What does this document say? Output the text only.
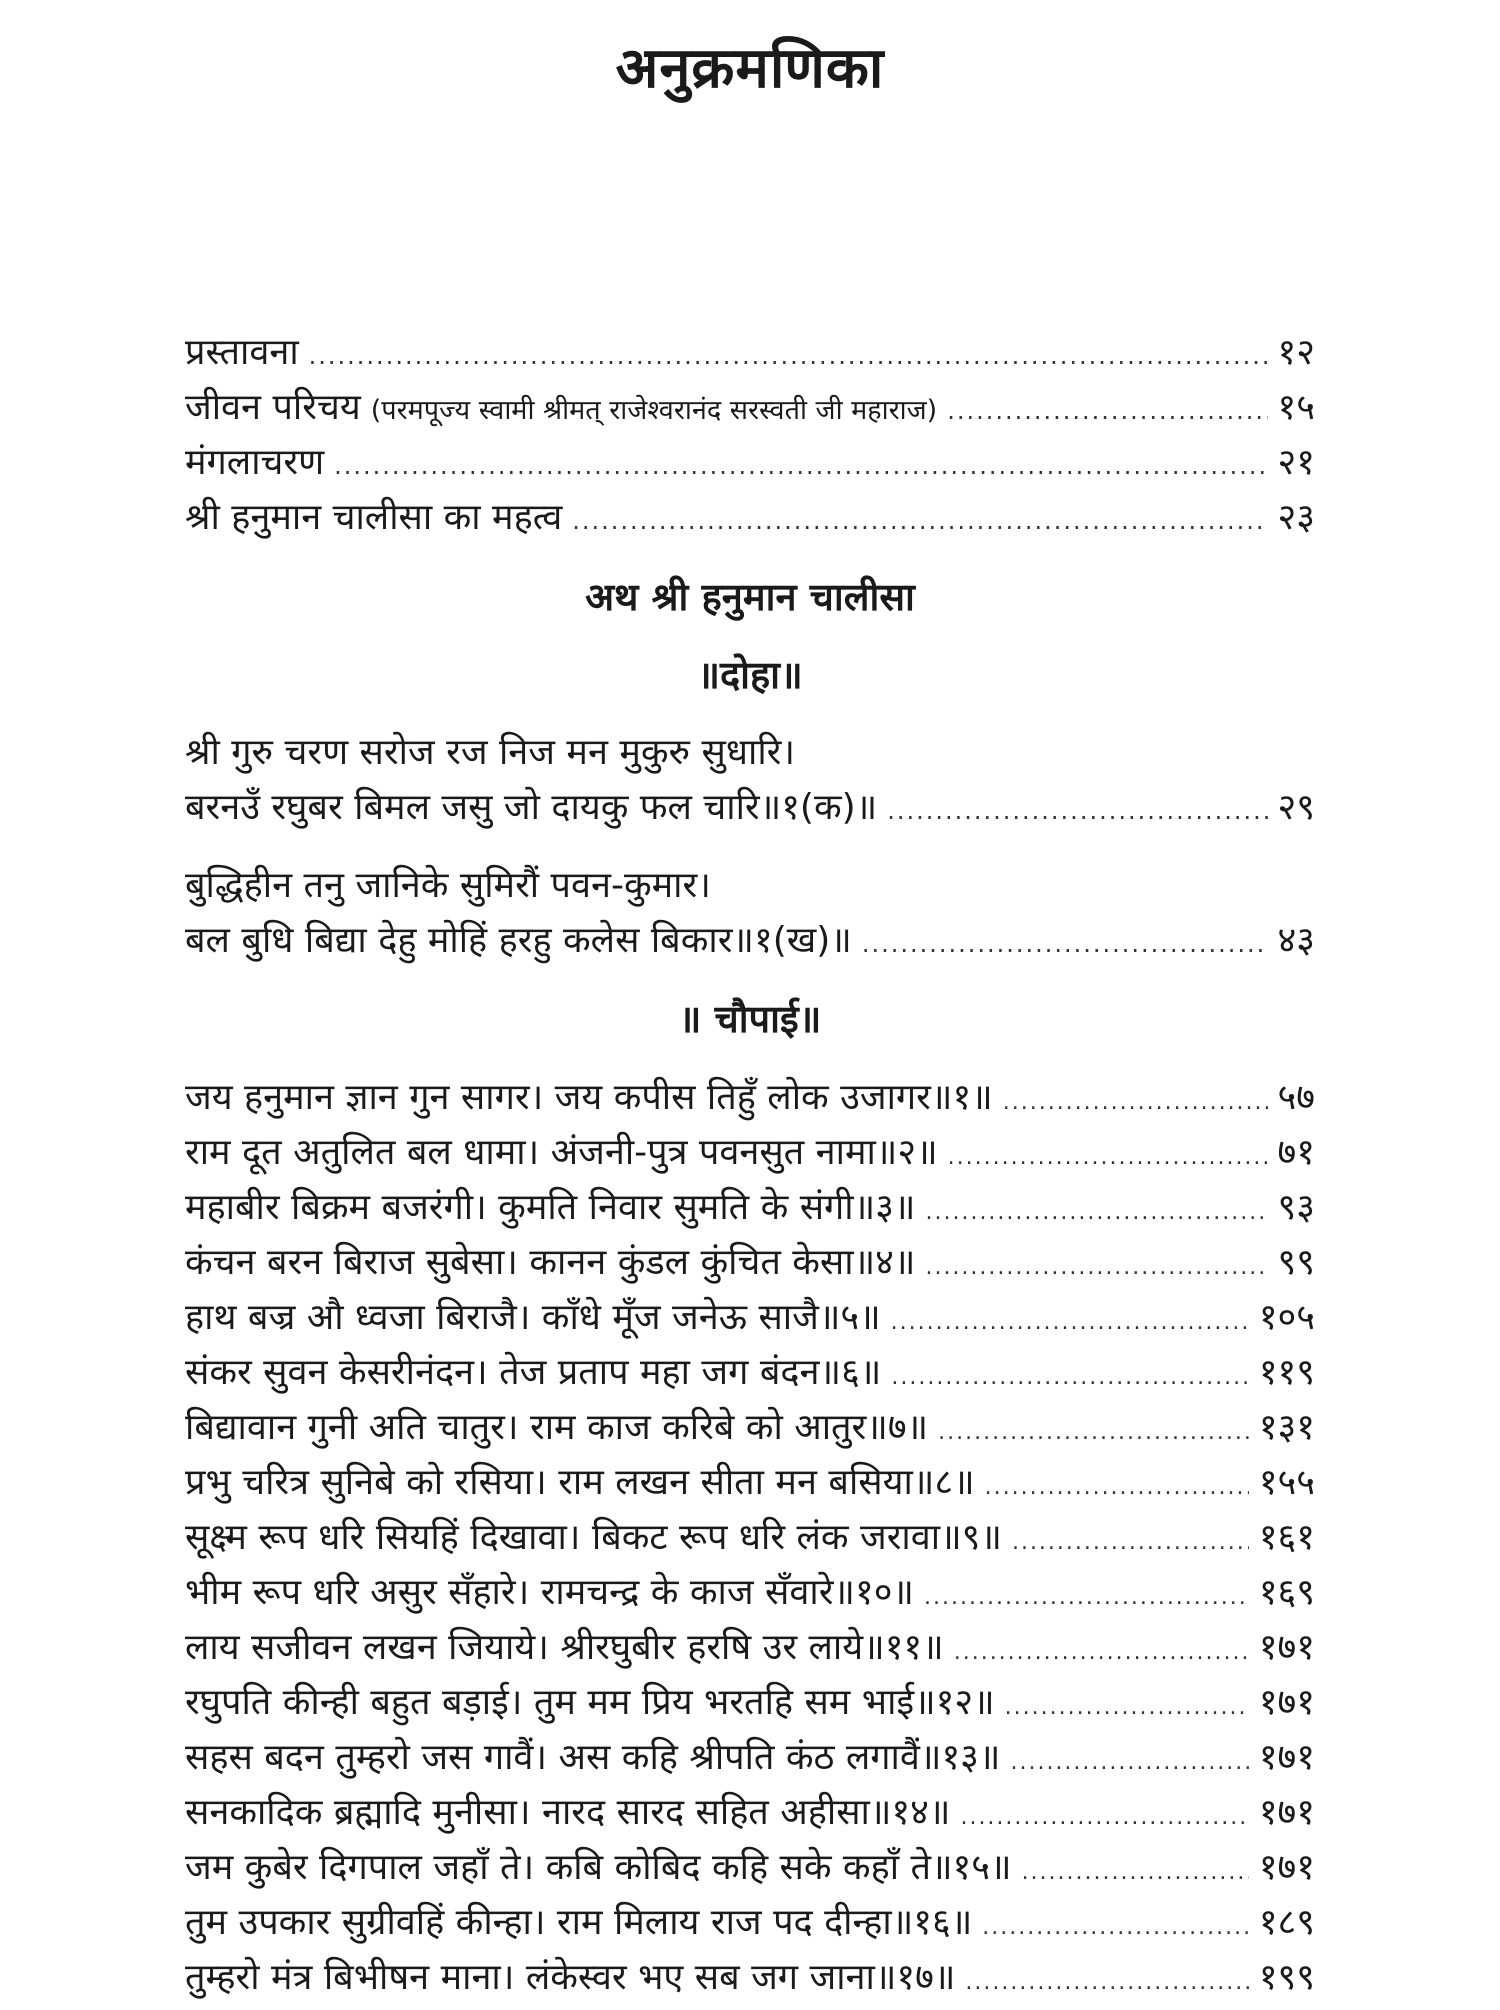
अनुक्रमणिका
प्रस्तावना .....	१२
जीवन परिचय (परमपूज्य स्वामी श्रीमत् राजेश्वरानंद सरस्वती जी महाराज) .....	१५
मंगलाचरण .....	२१
श्री हनुमान चालीसा का महत्व .....	२३
अथ श्री हनुमान चालीसा
॥दोहा॥
श्री गुरु चरण सरोज रज निज मन मुकुरु सुधारि।
बरनउँ रघुबर बिमल जसु जो दायकु फल चारि॥१(क)॥ .....	२९
बुद्धिहीन तनु जानिके सुमिरौं पवन-कुमार।
बल बुधि बिद्या देहु मोहिं हरहु कलेस बिकार॥१(ख)॥ .....	४३
॥ चौपाई॥
जय हनुमान ज्ञान गुन सागर। जय कपीस तिहुँ लोक उजागर॥१॥ .....	५७
राम दूत अतुलित बल धामा। अंजनी-पुत्र पवनसुत नामा॥२॥ .....	७१
महाबीर बिक्रम बजरंगी। कुमति निवार सुमति के संगी॥३॥ .....	९३
कंचन बरन बिराज सुबेसा। कानन कुंडल कुंचित केसा॥४॥ .....	९९
हाथ बज्र औ ध्वजा बिराजै। काँधे मूँज जनेऊ साजै॥५॥ .....	१०५
संकर सुवन केसरीनंदन। तेज प्रताप महा जग बंदन॥६॥ .....	११९
बिद्यावान गुनी अति चातुर। राम काज करिबे को आतुर॥७॥ .....	१३१
प्रभु चरित्र सुनिबे को रसिया। राम लखन सीता मन बसिया॥८॥ .....	१५५
सूक्ष्म रूप धरि सियहिं दिखावा। बिकट रूप धरि लंक जरावा॥९॥ .....	१६१
भीम रूप धरि असुर सँहारे। रामचन्द्र के काज सँवारे॥१०॥ .....	१६९
लाय सजीवन लखन जियाये। श्रीरघुबीर हरषि उर लाये॥११॥ .....	१७१
रघुपति कीन्ही बहुत बड़ाई। तुम मम प्रिय भरतहि सम भाई॥१२॥ .....	१७१
सहस बदन तुम्हरो जस गावैं। अस कहि श्रीपति कंठ लगावैं॥१३॥ .....	१७१
सनकादिक ब्रह्मादि मुनीसा। नारद सारद सहित अहीसा॥१४॥ .....	१७१
जम कुबेर दिगपाल जहाँ ते। कबि कोबिद कहि सके कहाँ ते॥१५॥ .....	१७१
तुम उपकार सुग्रीवहिं कीन्हा। राम मिलाय राज पद दीन्हा॥१६॥ .....	१८९
तुम्हरो मंत्र बिभीषन माना। लंकेस्वर भए सब जग जाना॥१७॥ .....	१९९
